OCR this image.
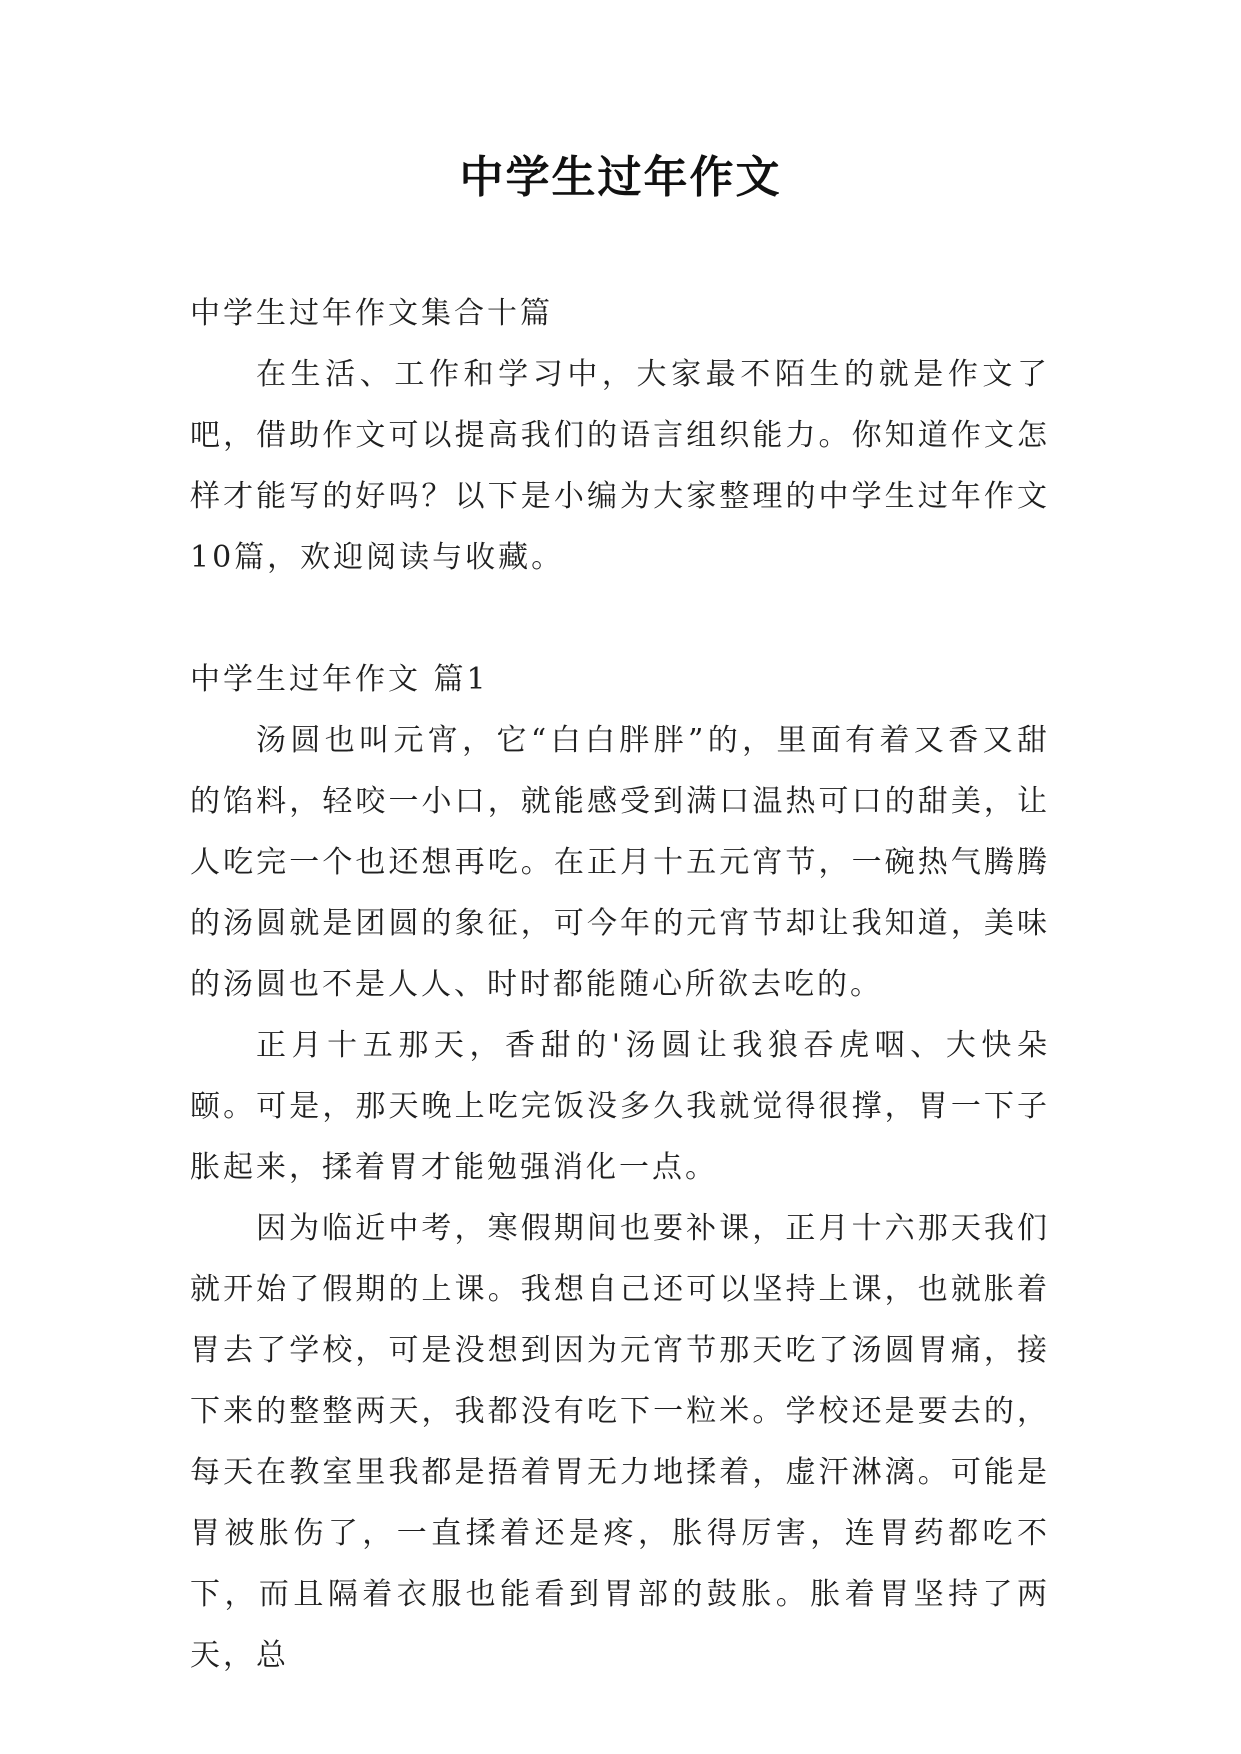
中学生过年作文

中学生过年作文集合十篇

在生活、工作和学习中，大家最不陌生的就是作文了吧，借助作文可以提高我们的语言组织能力。你知道作文怎样才能写的好吗？以下是小编为大家整理的中学生过年作文10篇，欢迎阅读与收藏。

中学生过年作文 篇1

汤圆也叫元宵，它“白白胖胖”的，里面有着又香又甜的馅料，轻咬一小口，就能感受到满口温热可口的甜美，让人吃完一个也还想再吃。在正月十五元宵节，一碗热气腾腾的汤圆就是团圆的象征，可今年的元宵节却让我知道，美味的汤圆也不是人人、时时都能随心所欲去吃的。

正月十五那天，香甜的'汤圆让我狼吞虎咽、大快朵颐。可是，那天晚上吃完饭没多久我就觉得很撑，胃一下子胀起来，揉着胃才能勉强消化一点。

因为临近中考，寒假期间也要补课，正月十六那天我们就开始了假期的上课。我想自己还可以坚持上课，也就胀着胃去了学校，可是没想到因为元宵节那天吃了汤圆胃痛，接下来的整整两天，我都没有吃下一粒米。学校还是要去的，每天在教室里我都是捂着胃无力地揉着，虚汗淋漓。可能是胃被胀伤了，一直揉着还是疼，胀得厉害，连胃药都吃不下，而且隔着衣服也能看到胃部的鼓胀。胀着胃坚持了两天，总
